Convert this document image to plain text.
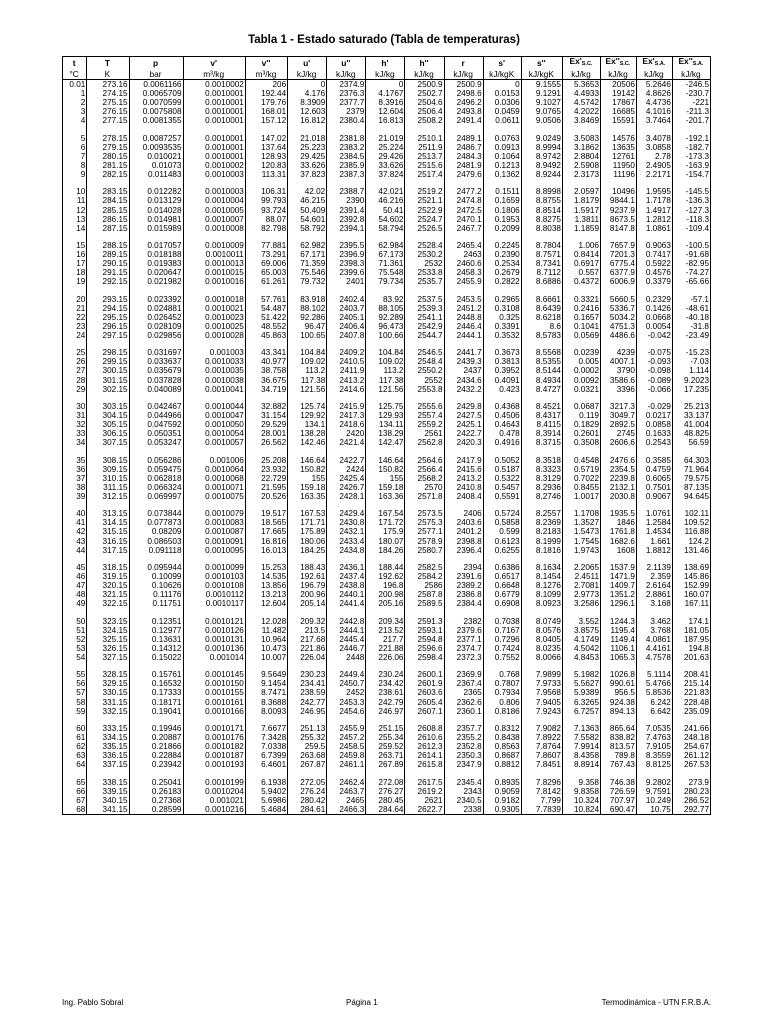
Tabla 1 - Estado saturado (Tabla de temperaturas)
t	T	p	v'	v''	u'	u''	h'	h''	r	s'	s''	$Ex'_{S.C.}$	$Ex''_{S.C.}$	$Ex'_{S.A.}$	$Ex''_{S.A.}$
°C	K	bar	m³/kg	m³/kg	kJ/kg	kJ/kg	kJ/kg	kJ/kg	kJ/kg	kJ/kgK	kJ/kgK	kJ/kg	kJ/kg	kJ/kg	kJ/kg
0.01	273.16	0.0061166	0.0010002	206	0	2374.9	0	2500.9	2500.9	0	9.1555	5.3653	20506	5.2646	-246.5
1	274.15	0.0065709	0.0010001	192.44	4.176	2376.3	4.1767	2502.7	2498.6	0.0153	9.1291	4.4933	19142	4.8626	-230.7
2	275.15	0.0070599	0.0010001	179.76	8.3909	2377.7	8.3916	2504.6	2496.2	0.0306	9.1027	4.5742	17867	4.4736	-221
3	276.15	0.0075808	0.0010001	168.01	12.603	2379	12.604	2506.4	2493.8	0.0459	9.0765	4.2022	16685	4.1016	-211.3
4	277.15	0.0081355	0.0010001	157.12	16.812	2380.4	16.813	2508.2	2491.4	0.0611	9.0506	3.8469	15591	3.7464	-201.7

5	278.15	0.0087257	0.0010001	147.02	21.018	2381.8	21.019	2510.1	2489.1	0.0763	9.0249	3.5083	14576	3.4078	-192.1
6	279.15	0.0093535	0.0010001	137.64	25.223	2383.2	25.224	2511.9	2486.7	0.0913	8.9994	3.1862	13635	3.0858	-182.7
7	280.15	0.010021	0.0010001	128.93	29.425	2384.5	29.426	2513.7	2484.3	0.1064	8.9742	2.8804	12761	2.78	-173.3
8	281.15	0.01073	0.0010002	120.83	33.626	2385.9	33.626	2515.6	2481.9	0.1213	8.9492	2.5908	11950	2.4905	-163.9
9	282.15	0.011483	0.0010003	113.31	37.823	2387.3	37.824	2517.4	2479.6	0.1362	8.9244	2.3173	11196	2.2171	-154.7

10	283.15	0.012282	0.0010003	106.31	42.02	2388.7	42.021	2519.2	2477.2	0.1511	8.8998	2.0597	10496	1.9595	-145.5
11	284.15	0.013129	0.0010004	99.793	46.215	2390	46.216	2521.1	2474.8	0.1659	8.8755	1.8179	9844.1	1.7178	-136.3
12	285.15	0.014028	0.0010005	93.724	50.409	2391.4	50.41	2522.9	2472.5	0.1806	8.8514	1.5917	9237.9	1.4917	-127.3
13	286.15	0.014981	0.0010007	88.07	54.601	2392.8	54.602	2524.7	2470.1	0.1953	8.8275	1.3811	8673.5	1.2812	-118.3
14	287.15	0.015989	0.0010008	82.798	58.792	2394.1	58.794	2526.5	2467.7	0.2099	8.8038	1.1859	8147.8	1.0861	-109.4

15	288.15	0.017057	0.0010009	77.881	62.982	2395.5	62.984	2528.4	2465.4	0.2245	8.7804	1.006	7657.9	0.9063	-100.5
16	289.15	0.018188	0.0010011	73.291	67.171	2396.9	67.173	2530.2	2463	0.2390	8.7571	0.8414	7201.3	0.7417	-91.68
17	290.15	0.019383	0.0010013	69.006	71.359	2398.3	71.361	2532	2460.6	0.2534	8.7341	0.6917	6775.4	0.5922	-82.95
18	291.15	0.020647	0.0010015	65.003	75.546	2399.6	75.548	2533.8	2458.3	0.2679	8.7112	0.557	6377.9	0.4576	-74.27
19	292.15	0.021982	0.0010016	61.261	79.732	2401	79.734	2535.7	2455.9	0.2822	8.6886	0.4372	6006.9	0.3379	-65.66

20	293.15	0.023392	0.0010018	57.761	83.918	2402.4	83.92	2537.5	2453.5	0.2965	8.6661	0.3321	5660.5	0.2329	-57.1
21	294.15	0.024881	0.0010021	54.487	88.102	2403.7	88.105	2539.3	2451.2	0.3108	8.6439	0.2416	5336.7	0.1426	-48.61
22	295.15	0.026452	0.0010023	51.422	92.286	2405.1	92.289	2541.1	2448.8	0.325	8.6218	0.1657	5034.2	0.0668	-40.18
23	296.15	0.028109	0.0010025	48.552	96.47	2406.4	96.473	2542.9	2446.4	0.3391	8.6	0.1041	4751.3	0.0054	-31.8
24	297.15	0.029856	0.0010028	45.863	100.65	2407.8	100.66	2544.7	2444.1	0.3532	8.5783	0.0569	4486.6	-0.042	-23.49

25	298.15	0.031697	0.001003	43.341	104.84	2409.2	104.84	2546.5	2441.7	0.3673	8.5568	0.0239	4239	-0.075	-15.23
26	299.15	0.033637	0.0010033	40.977	109.02	2410.5	109.02	2548.4	2439.3	0.3813	8.5355	0.005	4007.1	-0.093	-7.03
27	300.15	0.035679	0.0010035	38.758	113.2	2411.9	113.2	2550.2	2437	0.3952	8.5144	0.0002	3790	-0.098	1.114
28	301.15	0.037828	0.0010038	36.675	117.38	2413.2	117.38	2552	2434.6	0.4091	8.4934	0.0092	3586.6	-0.089	9.2023
29	302.15	0.040089	0.0010041	34.719	121.56	2414.6	121.56	2553.8	2432.2	0.423	8.4727	0.0321	3396	-0.066	17.235

30	303.15	0.042467	0.0010044	32.882	125.74	2415.9	125.75	2555.6	2429.8	0.4368	8.4521	0.0687	3217.3	-0.029	25.213
31	304.15	0.044966	0.0010047	31.154	129.92	2417.3	129.93	2557.4	2427.5	0.4506	8.4317	0.119	3049.7	0.0217	33.137
32	305.15	0.047592	0.0010050	29.529	134.1	2418.6	134.11	2559.2	2425.1	0.4643	8.4115	0.1829	2892.5	0.0858	41.004
33	306.15	0.050351	0.0010054	28.001	138.28	2420	138.29	2561	2422.7	0.478	8.3914	0.2601	2745	0.1633	48.825
34	307.15	0.053247	0.0010057	26.562	142.46	2421.4	142.47	2562.8	2420.3	0.4916	8.3715	0.3508	2606.6	0.2543	56.59

35	308.15	0.056286	0.001006	25.208	146.64	2422.7	146.64	2564.6	2417.9	0.5052	8.3518	0.4548	2476.6	0.3585	64.303
36	309.15	0.059475	0.0010064	23.932	150.82	2424	150.82	2566.4	2415.6	0.5187	8.3323	0.5719	2354.5	0.4759	71.964
37	310.15	0.062818	0.0010068	22.729	155	2425.4	155	2568.2	2413.2	0.5322	8.3129	0.7022	2239.8	0.6065	79.575
38	311.15	0.066324	0.0010071	21.595	159.18	2426.7	159.18	2570	2410.8	0.5457	8.2936	0.8455	2132.1	0.7501	87.135
39	312.15	0.069997	0.0010075	20.526	163.35	2428.1	163.36	2571.8	2408.4	0.5591	8.2746	1.0017	2030.8	0.9067	94.645

40	313.15	0.073844	0.0010079	19.517	167.53	2429.4	167.54	2573.5	2406	0.5724	8.2557	1.1708	1935.5	1.0761	102.11
41	314.15	0.077873	0.0010083	18.565	171.71	2430.8	171.72	2575.3	2403.6	0.5858	8.2369	1.3527	1846	1.2584	109.52
42	315.15	0.08209	0.0010087	17.665	175.89	2432.1	175.9	2577.1	2401.2	0.599	8.2183	1.5473	1761.8	1.4534	116.88
43	316.15	0.086503	0.0010091	16.816	180.06	2433.4	180.07	2578.9	2398.8	0.6123	8.1999	1.7545	1682.6	1.661	124.2
44	317.15	0.091118	0.0010095	16.013	184.25	2434.8	184.26	2580.7	2396.4	0.6255	8.1816	1.9743	1608	1.8812	131.46

45	318.15	0.095944	0.0010099	15.253	188.43	2436.1	188.44	2582.5	2394	0.6386	8.1634	2.2065	1537.9	2.1139	138.69
46	319.15	0.10099	0.0010103	14.535	192.61	2437.4	192.62	2584.2	2391.6	0.6517	8.1454	2.4511	1471.9	2.359	145.86
47	320.15	0.10626	0.0010108	13.856	196.79	2438.8	196.8	2586	2389.2	0.6648	8.1276	2.7081	1409.7	2.6164	152.99
48	321.15	0.11176	0.0010112	13.213	200.96	2440.1	200.98	2587.8	2386.8	0.6779	8.1099	2.9773	1351.2	2.8861	160.07
49	322.15	0.11751	0.0010117	12.604	205.14	2441.4	205.16	2589.5	2384.4	0.6908	8.0923	3.2586	1296.1	3.168	167.11

50	323.15	0.12351	0.0010121	12.028	209.32	2442.8	209.34	2591.3	2382	0.7038	8.0749	3.552	1244.3	3.462	174.1
51	324.15	0.12977	0.0010126	11.482	213.5	2444.1	213.52	2593.1	2379.6	0.7167	8.0576	3.8575	1195.4	3.768	181.05
52	325.15	0.13631	0.0010131	10.964	217.68	2445.4	217.7	2594.8	2377.1	0.7296	8.0405	4.1749	1149.4	4.0861	187.95
53	326.15	0.14312	0.0010136	10.473	221.86	2446.7	221.88	2596.6	2374.7	0.7424	8.0235	4.5042	1106.1	4.4161	194.8
54	327.15	0.15022	0.001014	10.007	226.04	2448	226.06	2598.4	2372.3	0.7552	8.0066	4.8453	1065.3	4.7578	201.63

55	328.15	0.15761	0.0010145	9.5649	230.23	2449.4	230.24	2600.1	2369.9	0.768	7.9899	5.1982	1026.8	5.1114	208.41
56	329.15	0.16532	0.0010150	9.1454	234.41	2450.7	234.42	2601.9	2367.4	0.7807	7.9733	5.5627	990.61	5.4766	215.14
57	330.15	0.17333	0.0010155	8.7471	238.59	2452	238.61	2603.6	2365	0.7934	7.9568	5.9389	956.5	5.8536	221.83
58	331.15	0.18171	0.0010161	8.3688	242.77	2453.3	242.79	2605.4	2362.6	0.806	7.9405	6.3265	924.38	6.242	228.48
59	332.15	0.19041	0.0010166	8.0093	246.95	2454.6	246.97	2607.1	2360.1	0.8186	7.9243	6.7257	894.13	6.642	235.09

60	333.15	0.19946	0.0010171	7.6677	251.13	2455.9	251.15	2608.8	2357.7	0.8312	7.9082	7.1363	865.64	7.0535	241.66
61	334.15	0.20887	0.0010176	7.3428	255.32	2457.2	255.34	2610.6	2355.2	0.8438	7.8922	7.5582	838.82	7.4763	248.18
62	335.15	0.21866	0.0010182	7.0338	259.5	2458.5	259.52	2612.3	2352.8	0.8563	7.8764	7.9914	813.57	7.9105	254.67
63	336.15	0.22884	0.0010187	6.7399	263.68	2459.8	263.71	2614.1	2350.3	0.8687	7.8607	8.4358	789.8	8.3559	261.12
64	337.15	0.23942	0.0010193	6.4601	267.87	2461.1	267.89	2615.8	2347.9	0.8812	7.8451	8.8914	767.43	8.8125	267.53

65	338.15	0.25041	0.0010199	6.1938	272.05	2462.4	272.08	2617.5	2345.4	0.8935	7.8296	9.358	746.38	9.2802	273.9
66	339.15	0.26183	0.0010204	5.9402	276.24	2463.7	276.27	2619.2	2343	0.9059	7.8142	9.8358	726.59	9.7591	280.23
67	340.15	0.27368	0.001021	5.6986	280.42	2465	280.45	2621	2340.5	0.9182	7.799	10.324	707.97	10.249	286.52
68	341.15	0.28599	0.0010216	5.4684	284.61	2466.3	284.64	2622.7	2338	0.9305	7.7839	10.824	690.47	10.75	292.77
Ing. Pablo Sobral	Página 1	Termodinámica - UTN F.R.B.A.
